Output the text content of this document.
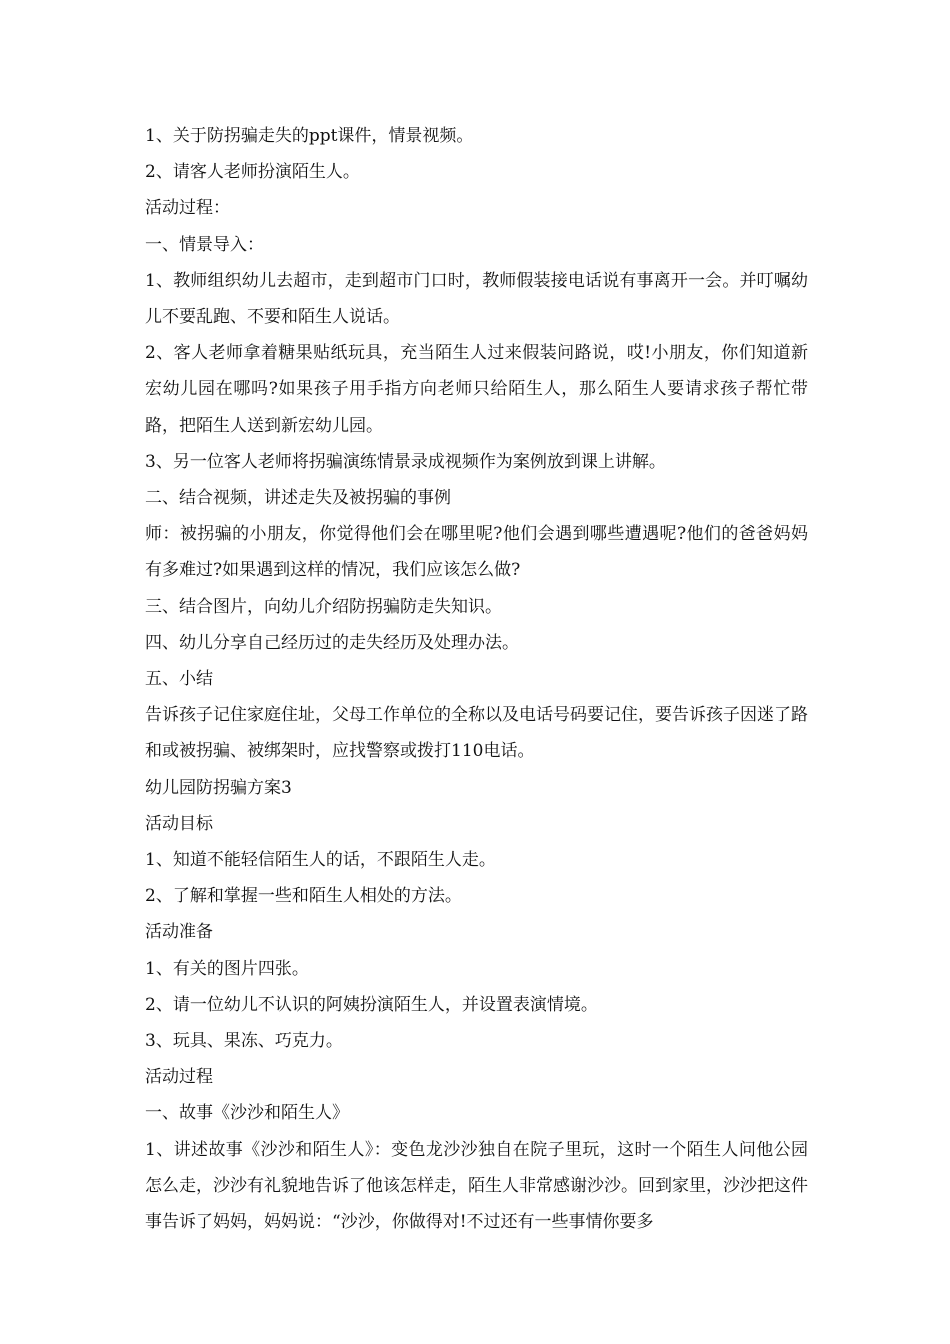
1、关于防拐骗走失的ppt课件，情景视频。

2、请客人老师扮演陌生人。

活动过程：

一、情景导入：

1、教师组织幼儿去超市，走到超市门口时，教师假装接电话说有事离开一会。并叮嘱幼儿不要乱跑、不要和陌生人说话。

2、客人老师拿着糖果贴纸玩具，充当陌生人过来假装问路说，哎!小朋友，你们知道新宏幼儿园在哪吗?如果孩子用手指方向老师只给陌生人，那么陌生人要请求孩子帮忙带路，把陌生人送到新宏幼儿园。

3、另一位客人老师将拐骗演练情景录成视频作为案例放到课上讲解。

二、结合视频，讲述走失及被拐骗的事例

师：被拐骗的小朋友，你觉得他们会在哪里呢?他们会遇到哪些遭遇呢?他们的爸爸妈妈有多难过?如果遇到这样的情况，我们应该怎么做?

三、结合图片，向幼儿介绍防拐骗防走失知识。

四、幼儿分享自己经历过的走失经历及处理办法。

五、小结

告诉孩子记住家庭住址，父母工作单位的全称以及电话号码要记住，要告诉孩子因迷了路和或被拐骗、被绑架时，应找警察或拨打110电话。

幼儿园防拐骗方案3

活动目标

1、知道不能轻信陌生人的话，不跟陌生人走。

2、了解和掌握一些和陌生人相处的方法。

活动准备

1、有关的图片四张。

2、请一位幼儿不认识的阿姨扮演陌生人，并设置表演情境。

3、玩具、果冻、巧克力。

活动过程

一、故事《沙沙和陌生人》

1、讲述故事《沙沙和陌生人》：变色龙沙沙独自在院子里玩，这时一个陌生人问他公园怎么走，沙沙有礼貌地告诉了他该怎样走，陌生人非常感谢沙沙。回到家里，沙沙把这件事告诉了妈妈，妈妈说：“沙沙，你做得对!不过还有一些事情你要多
